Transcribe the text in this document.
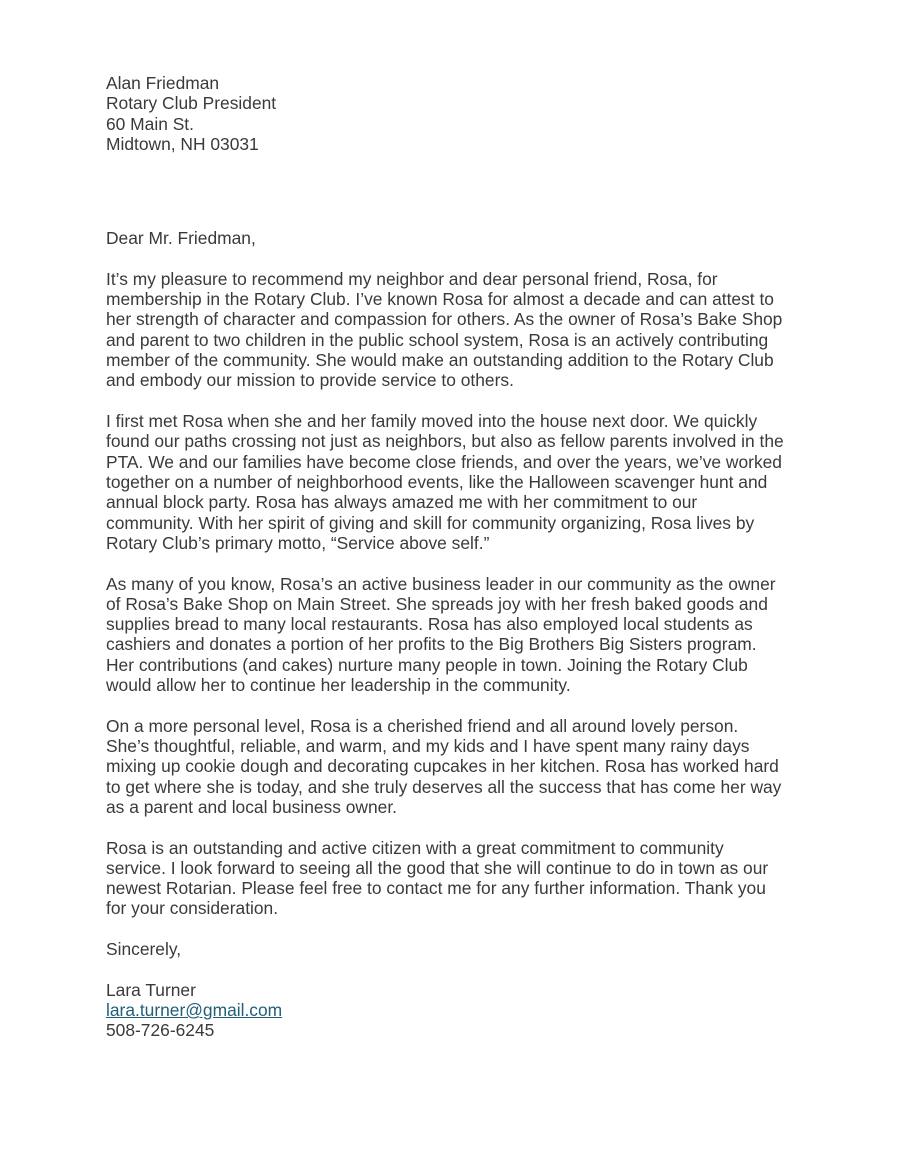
Alan Friedman
Rotary Club President
60 Main St.
Midtown, NH 03031
Dear Mr. Friedman,
It’s my pleasure to recommend my neighbor and dear personal friend, Rosa, for
membership in the Rotary Club. I’ve known Rosa for almost a decade and can attest to
her strength of character and compassion for others. As the owner of Rosa’s Bake Shop
and parent to two children in the public school system, Rosa is an actively contributing
member of the community. She would make an outstanding addition to the Rotary Club
and embody our mission to provide service to others.
I first met Rosa when she and her family moved into the house next door. We quickly
found our paths crossing not just as neighbors, but also as fellow parents involved in the
PTA. We and our families have become close friends, and over the years, we’ve worked
together on a number of neighborhood events, like the Halloween scavenger hunt and
annual block party. Rosa has always amazed me with her commitment to our
community. With her spirit of giving and skill for community organizing, Rosa lives by
Rotary Club’s primary motto, “Service above self.”
As many of you know, Rosa’s an active business leader in our community as the owner
of Rosa’s Bake Shop on Main Street. She spreads joy with her fresh baked goods and
supplies bread to many local restaurants. Rosa has also employed local students as
cashiers and donates a portion of her profits to the Big Brothers Big Sisters program.
Her contributions (and cakes) nurture many people in town. Joining the Rotary Club
would allow her to continue her leadership in the community.
On a more personal level, Rosa is a cherished friend and all around lovely person.
She’s thoughtful, reliable, and warm, and my kids and I have spent many rainy days
mixing up cookie dough and decorating cupcakes in her kitchen. Rosa has worked hard
to get where she is today, and she truly deserves all the success that has come her way
as a parent and local business owner.
Rosa is an outstanding and active citizen with a great commitment to community
service. I look forward to seeing all the good that she will continue to do in town as our
newest Rotarian. Please feel free to contact me for any further information. Thank you
for your consideration.
Sincerely,
Lara Turner
lara.turner@gmail.com
508-726-6245
